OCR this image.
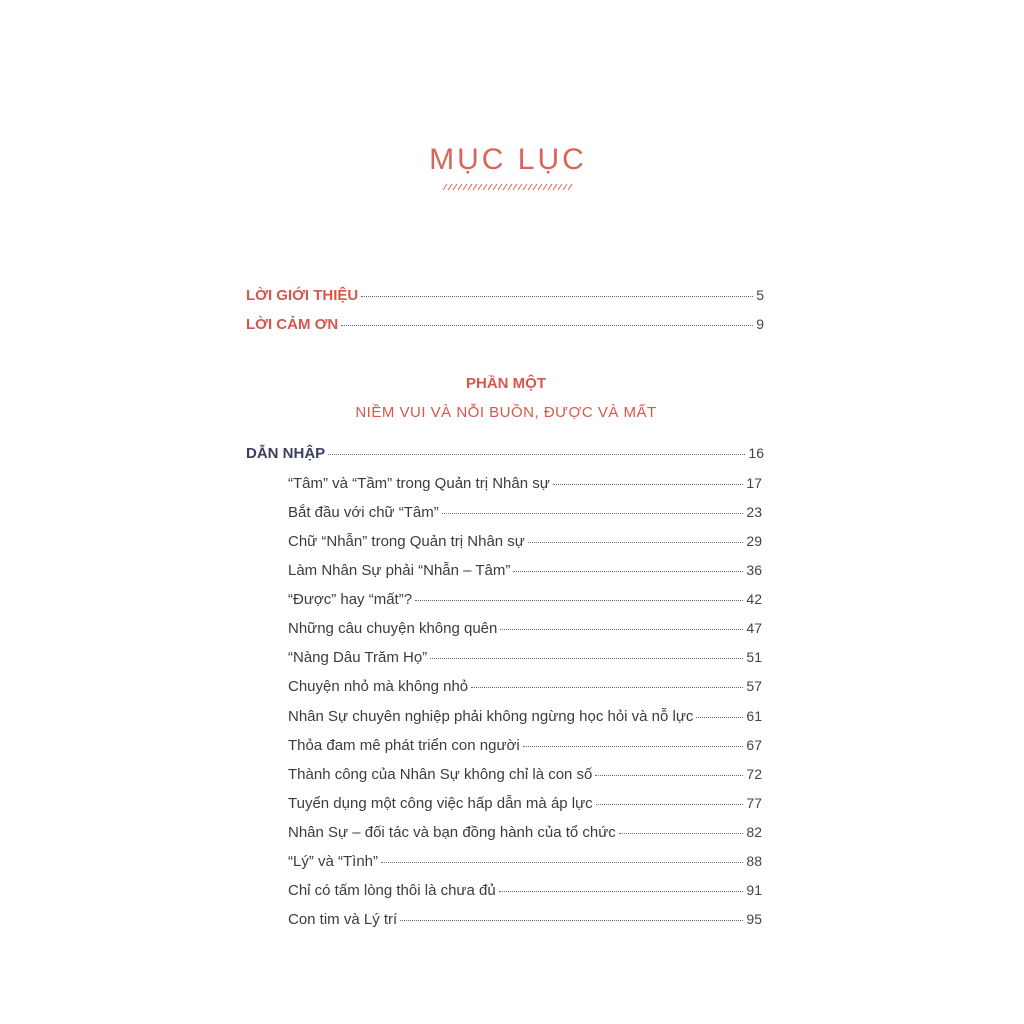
MỤC LỤC
LỜI GIỚI THIỆU	5
LỜI CẢM ƠN	9
DẪN NHẬP	16
“Tâm” và “Tầm” trong Quản trị Nhân sự	17
Bắt đầu với chữ “Tâm”	23
Chữ “Nhẫn” trong Quản trị Nhân sự	29
Làm Nhân Sự phải “Nhẫn – Tâm”	36
“Được” hay “mất”?	42
Những câu chuyện không quên	47
“Nàng Dâu Trăm Họ”	51
Chuyện nhỏ mà không nhỏ	57
Nhân Sự chuyên nghiệp phải không ngừng học hỏi và nỗ lực	61
Thỏa đam mê phát triển con người	67
Thành công của Nhân Sự không chỉ là con số	72
Tuyển dụng một công việc hấp dẫn mà áp lực	77
Nhân Sự – đối tác và bạn đồng hành của tổ chức	82
“Lý” và “Tình”	88
Chỉ có tấm lòng thôi là chưa đủ	91
Con tim và Lý trí	95
PHẦN MỘT
NIỀM VUI VÀ NỖI BUỒN, ĐƯỢC VÀ MẤT
